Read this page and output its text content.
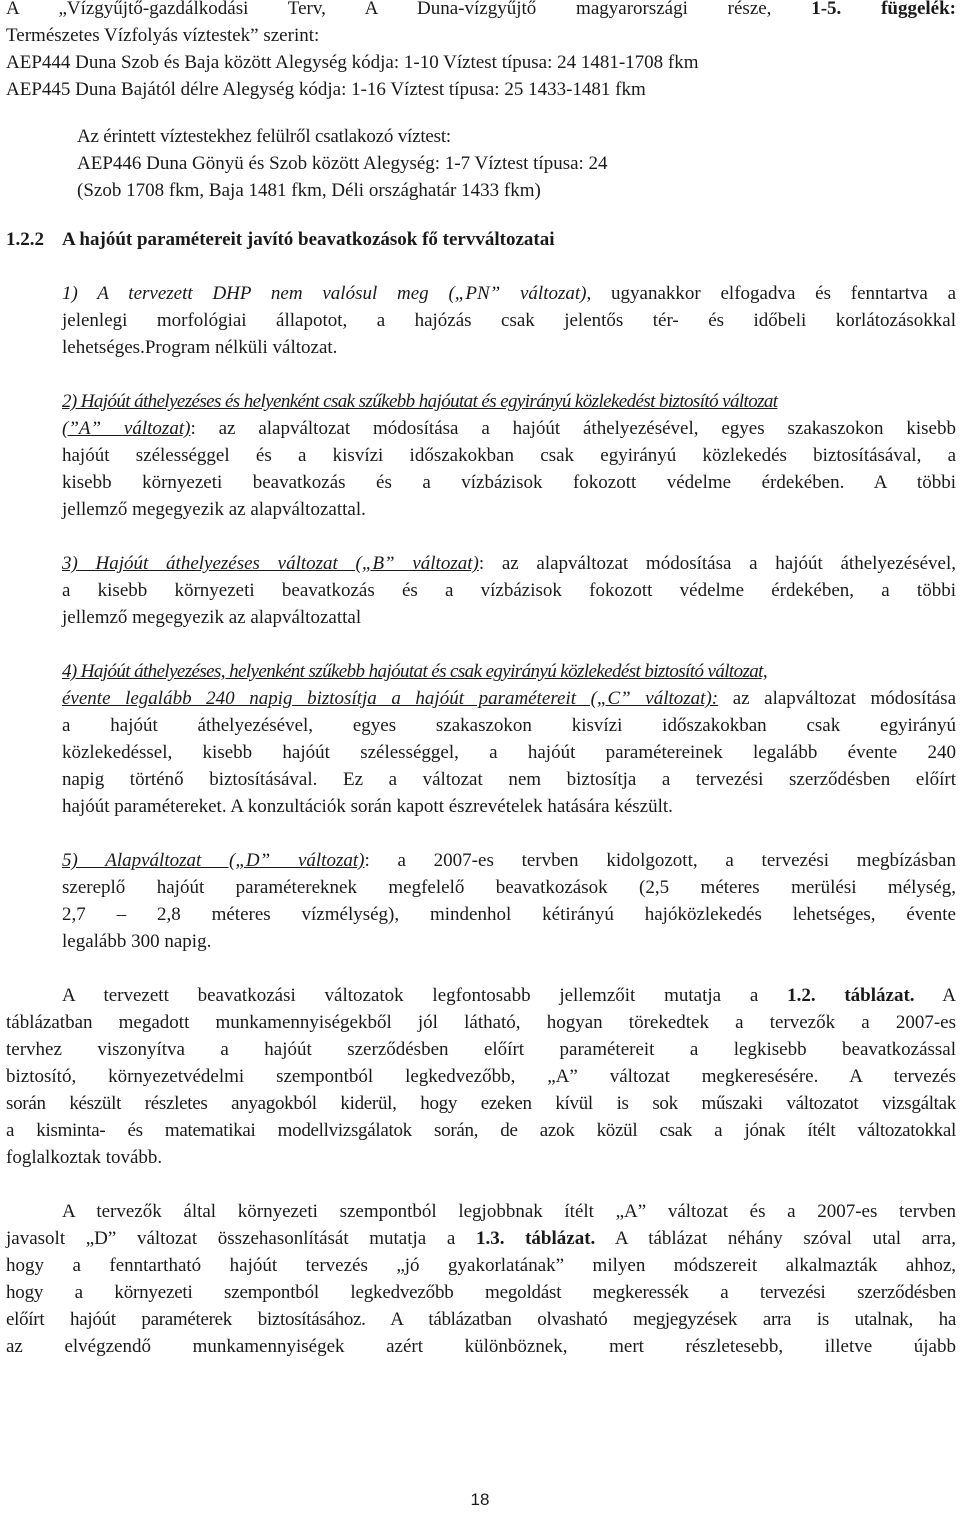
A „Vízgyűjtő-gazdálkodási Terv, A Duna-vízgyűjtő magyarországi része, 1-5. függelék:
Természetes Vízfolyás víztestek” szerint:
AEP444 Duna Szob és Baja között Alegység kódja: 1-10 Víztest típusa: 24 1481-1708 fkm
AEP445 Duna Bajától délre Alegység kódja: 1-16 Víztest típusa: 25 1433-1481 fkm
Az érintett víztestekhez felülről csatlakozó víztest:
AEP446 Duna Gönyü és Szob között Alegység: 1-7 Víztest típusa: 24
(Szob 1708 fkm, Baja 1481 fkm, Déli országhatár 1433 fkm)
1.2.2 A hajóút paramétereit javító beavatkozások fő tervváltozatai
1) A tervezett DHP nem valósul meg („PN” változat), ugyanakkor elfogadva és fenntartva a
jelenlegi morfológiai állapotot, a hajózás csak jelentős tér- és időbeli korlátozásokkal
lehetséges.Program nélküli változat.
2) Hajóút áthelyezéses és helyenként csak szűkebb hajóutat és egyirányú közlekedést biztosító változat
(”A” változat): az alapváltozat módosítása a hajóút áthelyezésével, egyes szakaszokon kisebb
hajóút szélességgel és a kisvízi időszakokban csak egyirányú közlekedés biztosításával, a
kisebb környezeti beavatkozás és a vízbázisok fokozott védelme érdekében. A többi
jellemző megegyezik az alapváltozattal.
3) Hajóút áthelyezéses változat („B” változat): az alapváltozat módosítása a hajóút áthelyezésével,
a kisebb környezeti beavatkozás és a vízbázisok fokozott védelme érdekében, a többi
jellemző megegyezik az alapváltozattal
4) Hajóút áthelyezéses, helyenként szűkebb hajóutat és csak egyirányú közlekedést biztosító változat,
évente legalább 240 napig biztosítja a hajóút paramétereit („C” változat): az alapváltozat módosítása
a hajóút áthelyezésével, egyes szakaszokon kisvízi időszakokban csak egyirányú
közlekedéssel, kisebb hajóút szélességgel, a hajóút paramétereinek legalább évente 240
napig történő biztosításával. Ez a változat nem biztosítja a tervezési szerződésben előírt
hajóút paramétereket. A konzultációk során kapott észrevételek hatására készült.
5) Alapváltozat („D” változat): a 2007-es tervben kidolgozott, a tervezési megbízásban
szereplő hajóút paramétereknek megfelelő beavatkozások (2,5 méteres merülési mélység,
2,7 – 2,8 méteres vízmélység), mindenhol kétirányú hajóközlekedés lehetséges, évente
legalább 300 napig.
A tervezett beavatkozási változatok legfontosabb jellemzőit mutatja a 1.2. táblázat. A
táblázatban megadott munkamennyiségekből jól látható, hogyan törekedtek a tervezők a 2007-es
tervhez viszonyítva a hajóút szerződésben előírt paramétereit a legkisebb beavatkozással
biztosító, környezetvédelmi szempontból legkedvezőbb, „A” változat megkeresésére. A tervezés
során készült részletes anyagokból kiderül, hogy ezeken kívül is sok műszaki változatot vizsgáltak
a kisminta- és matematikai modellvizsgálatok során, de azok közül csak a jónak ítélt változatokkal
foglalkoztak tovább.
A tervezők által környezeti szempontból legjobbnak ítélt „A” változat és a 2007-es tervben
javasolt „D” változat összehasonlítását mutatja a 1.3. táblázat. A táblázat néhány szóval utal arra,
hogy a fenntartható hajóút tervezés „jó gyakorlatának” milyen módszereit alkalmazták ahhoz,
hogy a környezeti szempontból legkedvezőbb megoldást megkeressék a tervezési szerződésben
előírt hajóút paraméterek biztosításához. A táblázatban olvasható megjegyzések arra is utalnak, ha
az elvégzendő munkamennyiségek azért különböznek, mert részletesebb, illetve újabb
18
